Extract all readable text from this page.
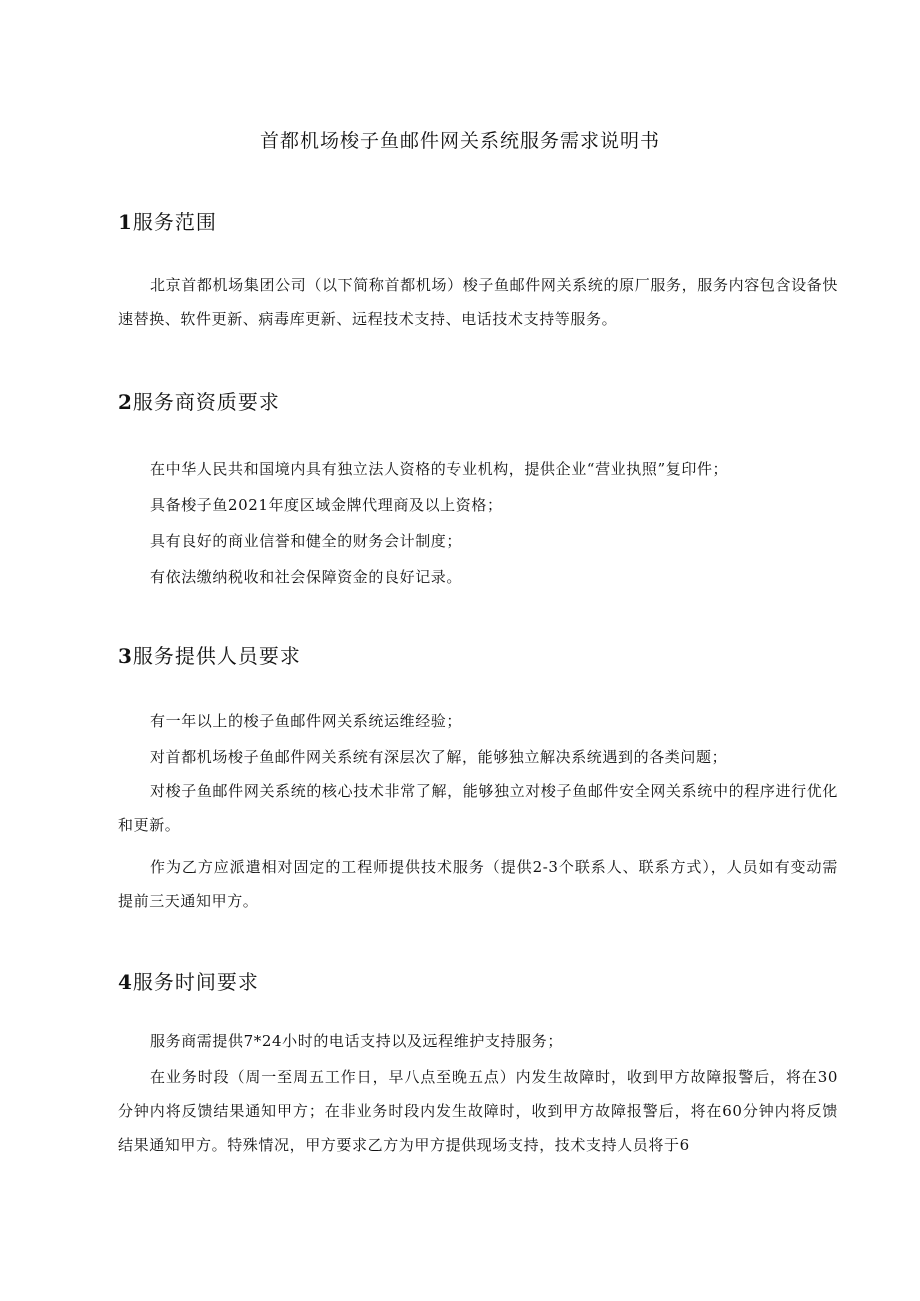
首都机场梭子鱼邮件网关系统服务需求说明书
1服务范围

北京首都机场集团公司（以下简称首都机场）梭子鱼邮件网关系统的原厂服务，服务内容包含设备快速替换、软件更新、病毒库更新、远程技术支持、电话技术支持等服务。

2服务商资质要求

在中华人民共和国境内具有独立法人资格的专业机构，提供企业“营业执照”复印件；

具备梭子鱼2021年度区域金牌代理商及以上资格；

具有良好的商业信誉和健全的财务会计制度；

有依法缴纳税收和社会保障资金的良好记录。

3服务提供人员要求

有一年以上的梭子鱼邮件网关系统运维经验；

对首都机场梭子鱼邮件网关系统有深层次了解，能够独立解决系统遇到的各类问题；

对梭子鱼邮件网关系统的核心技术非常了解，能够独立对梭子鱼邮件安全网关系统中的程序进行优化和更新。

作为乙方应派遣相对固定的工程师提供技术服务（提供2-3个联系人、联系方式），人员如有变动需提前三天通知甲方。

4服务时间要求

服务商需提供7*24小时的电话支持以及远程维护支持服务；

在业务时段（周一至周五工作日，早八点至晚五点）内发生故障时，收到甲方故障报警后，将在30分钟内将反馈结果通知甲方；在非业务时段内发生故障时，收到甲方故障报警后，将在60分钟内将反馈结果通知甲方。特殊情况，甲方要求乙方为甲方提供现场支持，技术支持人员将于6
